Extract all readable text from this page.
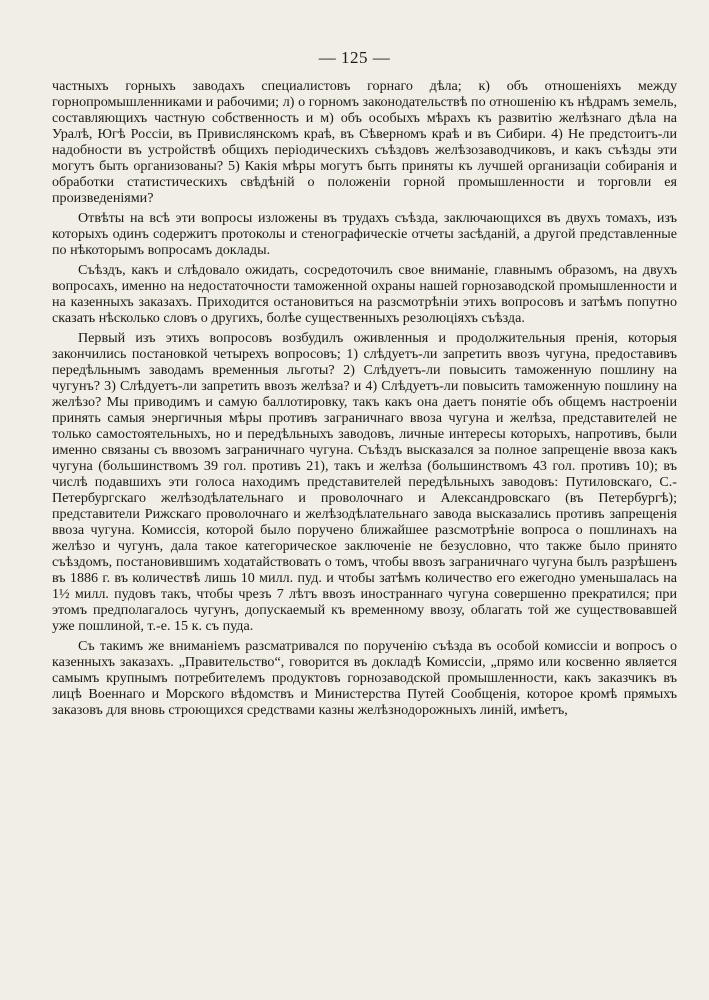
— 125 —

частныхъ горныхъ заводахъ специалистовъ горнаго дѣла; к) объ отношеніяхъ между горнопромышленниками и рабочими; л) о горномъ законодательствѣ по отношенію къ нѣдрамъ земель, составляющихъ частную собственность и м) объ особыхъ мѣрахъ къ развитію желѣзнаго дѣла на Уралѣ, Югѣ Россіи, въ Привислянскомъ краѣ, въ Сѣверномъ краѣ и въ Сибири. 4) Не предстоитъ-ли надобности въ устройствѣ общихъ періодическихъ съѣздовъ желѣзозаводчиковъ, и какъ съѣзды эти могутъ быть организованы? 5) Какія мѣры могутъ быть приняты къ лучшей организаціи собиранія и обработки статистическихъ свѣдѣній о положеніи горной промышленности и торговли ея произведеніями?

Отвѣты на всѣ эти вопросы изложены въ трудахъ съѣзда, заключающихся въ двухъ томахъ, изъ которыхъ одинъ содержитъ протоколы и стенографическіе отчеты засѣданій, а другой представленные по нѣкоторымъ вопросамъ доклады.

Съѣздъ, какъ и слѣдовало ожидать, сосредоточилъ свое вниманіе, главнымъ образомъ, на двухъ вопросахъ, именно на недостаточности таможенной охраны нашей горнозаводской промышленности и на казенныхъ заказахъ. Приходится остановиться на разсмотрѣніи этихъ вопросовъ и затѣмъ попутно сказать нѣсколько словъ о другихъ, болѣе существенныхъ резолюціяхъ съѣзда.

Первый изъ этихъ вопросовъ возбудилъ оживленныя и продолжительныя пренія, которыя закончились постановкой четырехъ вопросовъ; 1) слѣдуетъ-ли запретить ввозъ чугуна, предоставивъ передѣльнымъ заводамъ временныя льготы? 2) Слѣдуетъ-ли повысить таможенную пошлину на чугунъ? 3) Слѣдуетъ-ли запретить ввозъ желѣза? и 4) Слѣдуетъ-ли повысить таможенную пошлину на желѣзо? Мы приводимъ и самую баллотировку, такъ какъ она даетъ понятіе объ общемъ настроеніи принять самыя энергичныя мѣры противъ заграничнаго ввоза чугуна и желѣза, представителей не только самостоятельныхъ, но и передѣльныхъ заводовъ, личные интересы которыхъ, напротивъ, были именно связаны съ ввозомъ заграничнаго чугуна. Съѣздъ высказался за полное запрещеніе ввоза какъ чугуна (большинствомъ 39 гол. противъ 21), такъ и желѣза (большинствомъ 43 гол. противъ 10); въ числѣ подавшихъ эти голоса находимъ представителей передѣльныхъ заводовъ: Путиловскаго, С.-Петербургскаго желѣзодѣлательнаго и проволочнаго и Александровскаго (въ Петербургѣ); представители Рижскаго проволочнаго и желѣзодѣлательнаго завода высказались противъ запрещенія ввоза чугуна. Комиссія, которой было поручено ближайшее разсмотрѣніе вопроса о пошлинахъ на желѣзо и чугунъ, дала такое категорическое заключеніе не безусловно, что также было принято съѣздомъ, постановившимъ ходатайствовать о томъ, чтобы ввозъ заграничнаго чугуна былъ разрѣшенъ въ 1886 г. въ количествѣ лишь 10 милл. пуд. и чтобы затѣмъ количество его ежегодно уменьшалась на 1½ милл. пудовъ такъ, чтобы чрезъ 7 лѣтъ ввозъ иностраннаго чугуна совершенно прекратился; при этомъ предполагалось чугунъ, допускаемый къ временному ввозу, облагать той же существовавшей уже пошлиной, т.-е. 15 к. съ пуда.

Съ такимъ же вниманіемъ разсматривался по порученію съѣзда въ особой комиссіи и вопросъ о казенныхъ заказахъ. „Правительство“, говорится въ докладѣ Комиссіи, „прямо или косвенно является самымъ крупнымъ потребителемъ продуктовъ горнозаводской промышленности, какъ заказчикъ въ лицѣ Военнаго и Морского вѣдомствъ и Министерства Путей Сообщенія, которое кромѣ прямыхъ заказовъ для вновь строющихся средствами казны желѣзнодорожныхъ линій, имѣетъ,
